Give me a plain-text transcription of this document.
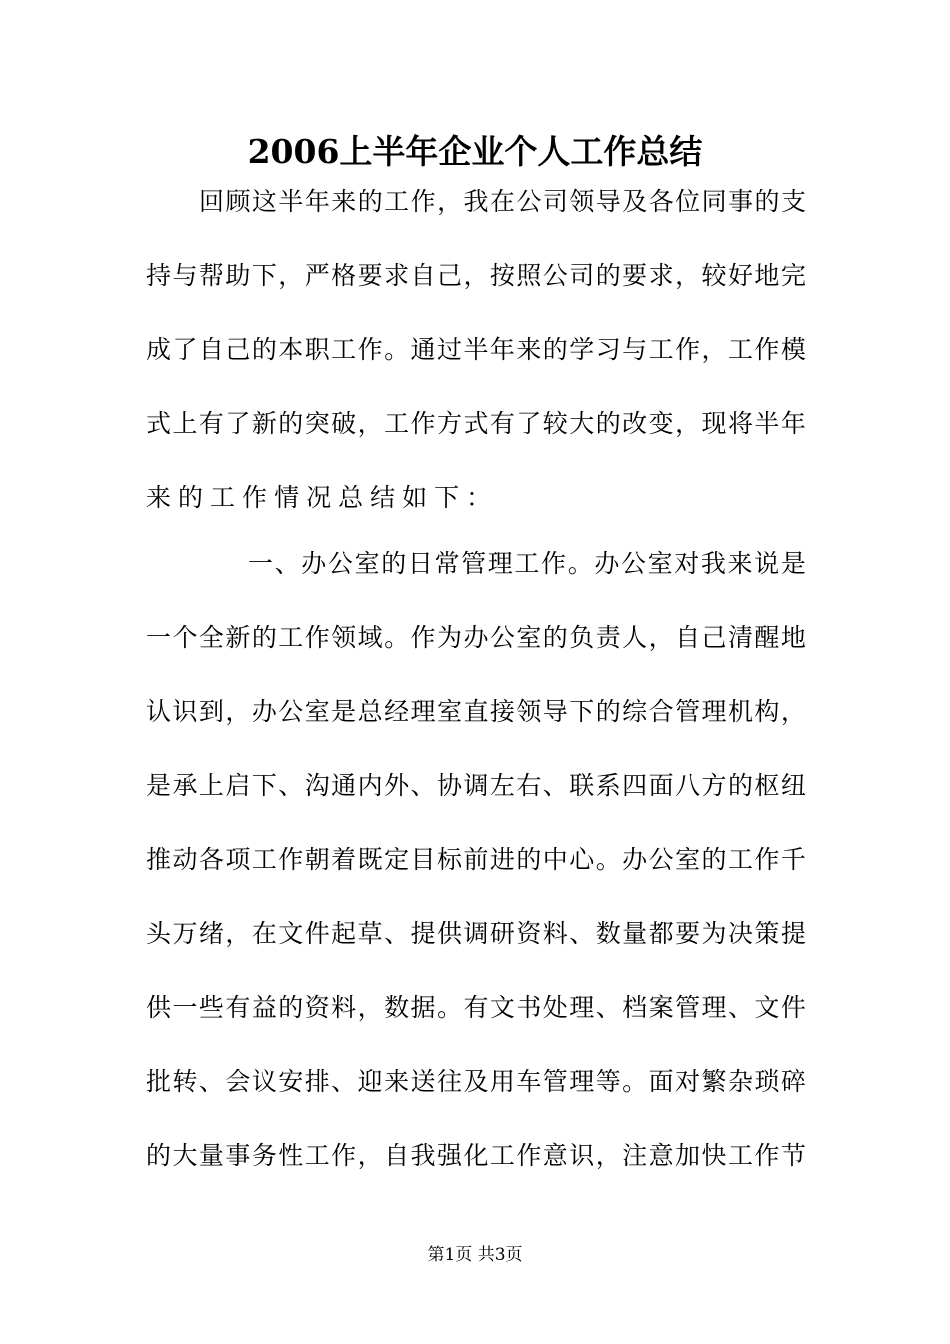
2006上半年企业个人工作总结
回 顾 这 半 年 来 的 工 作 ， 我 在 公 司 领 导 及 各 位 同 事 的 支
持 与 帮 助 下 ， 严 格 要 求 自 己 ， 按 照 公 司 的 要 求 ， 较 好 地 完
成 了 自 己 的 本 职 工 作 。 通 过 半 年 来 的 学 习 与 工 作 ， 工 作 模
式 上 有 了 新 的 突 破 ， 工 作 方 式 有 了 较 大 的 改 变 ， 现 将 半 年
来 的 工 作 情 况 总 结 如 下 ：
一 、 办 公 室 的 日 常 管 理 工 作 。 办 公 室 对 我 来 说 是
一 个 全 新 的 工 作 领 域 。 作 为 办 公 室 的 负 责 人 ， 自 己 清 醒 地
认 识 到 ， 办 公 室 是 总 经 理 室 直 接 领 导 下 的 综 合 管 理 机 构 ，
是 承 上 启 下 、 沟 通 内 外 、 协 调 左 右 、 联 系 四 面 八 方 的 枢 纽
推 动 各 项 工 作 朝 着 既 定 目 标 前 进 的 中 心 。 办 公 室 的 工 作 千
头 万 绪 ， 在 文 件 起 草 、 提 供 调 研 资 料 、 数 量 都 要 为 决 策 提
供 一 些 有 益 的 资 料 ， 数 据 。 有 文 书 处 理 、 档 案 管 理 、 文 件
批 转 、 会 议 安 排 、 迎 来 送 往 及 用 车 管 理 等 。 面 对 繁 杂 琐 碎
的 大 量 事 务 性 工 作 ， 自 我 强 化 工 作 意 识 ， 注 意 加 快 工 作 节
第1页 共3页
